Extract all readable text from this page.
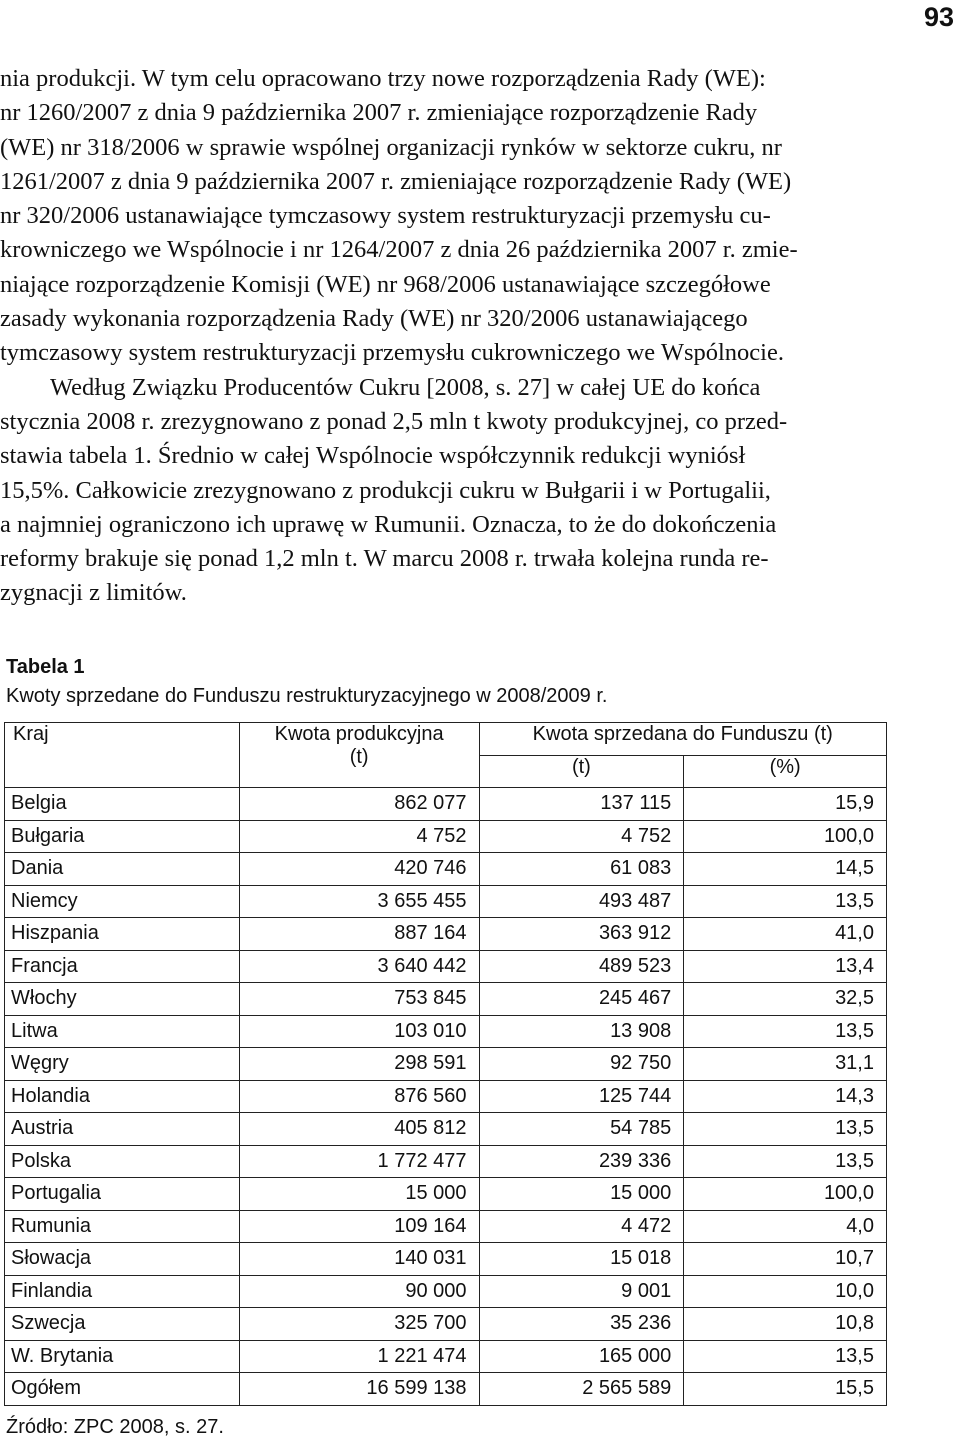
93
nia produkcji. W tym celu opracowano trzy nowe rozporządzenia Rady (WE):
nr 1260/2007 z dnia 9 października 2007 r. zmieniające rozporządzenie Rady
(WE) nr 318/2006 w sprawie wspólnej organizacji rynków w sektorze cukru, nr
1261/2007 z dnia 9 października 2007 r. zmieniające rozporządzenie Rady (WE)
nr 320/2006 ustanawiające tymczasowy system restrukturyzacji przemysłu cu-
krowniczego we Wspólnocie i nr 1264/2007 z dnia 26 października 2007 r. zmie-
niające rozporządzenie Komisji (WE) nr 968/2006 ustanawiające szczegółowe
zasady wykonania rozporządzenia Rady (WE) nr 320/2006 ustanawiającego
tymczasowy system restrukturyzacji przemysłu cukrowniczego we Wspólnocie.
Według Związku Producentów Cukru [2008, s. 27] w całej UE do końca
stycznia 2008 r. zrezygnowano z ponad 2,5 mln t kwoty produkcyjnej, co przed-
stawia tabela 1. Średnio w całej Wspólnocie współczynnik redukcji wyniósł
15,5%. Całkowicie zrezygnowano z produkcji cukru w Bułgarii i w Portugalii,
a najmniej ograniczono ich uprawę w Rumunii. Oznacza, to że do dokończenia
reformy brakuje się ponad 1,2 mln t. W marcu 2008 r. trwała kolejna runda re-
zygnacji z limitów.
Tabela 1
Kwoty sprzedane do Funduszu restrukturyzacyjnego w 2008/2009 r.
Kraj	Kwota produkcyjna
(t)	Kwota sprzedana do Funduszu (t)	
		(t)	(%)
Belgia	862 077	137 115	15,9
Bułgaria	4 752	4 752	100,0
Dania	420 746	61 083	14,5
Niemcy	3 655 455	493 487	13,5
Hiszpania	887 164	363 912	41,0
Francja	3 640 442	489 523	13,4
Włochy	753 845	245 467	32,5
Litwa	103 010	13 908	13,5
Węgry	298 591	92 750	31,1
Holandia	876 560	125 744	14,3
Austria	405 812	54 785	13,5
Polska	1 772 477	239 336	13,5
Portugalia	15 000	15 000	100,0
Rumunia	109 164	4 472	4,0
Słowacja	140 031	15 018	10,7
Finlandia	90 000	9 001	10,0
Szwecja	325 700	35 236	10,8
W. Brytania	1 221 474	165 000	13,5
Ogółem	16 599 138	2 565 589	15,5
Źródło: ZPC 2008, s. 27.
